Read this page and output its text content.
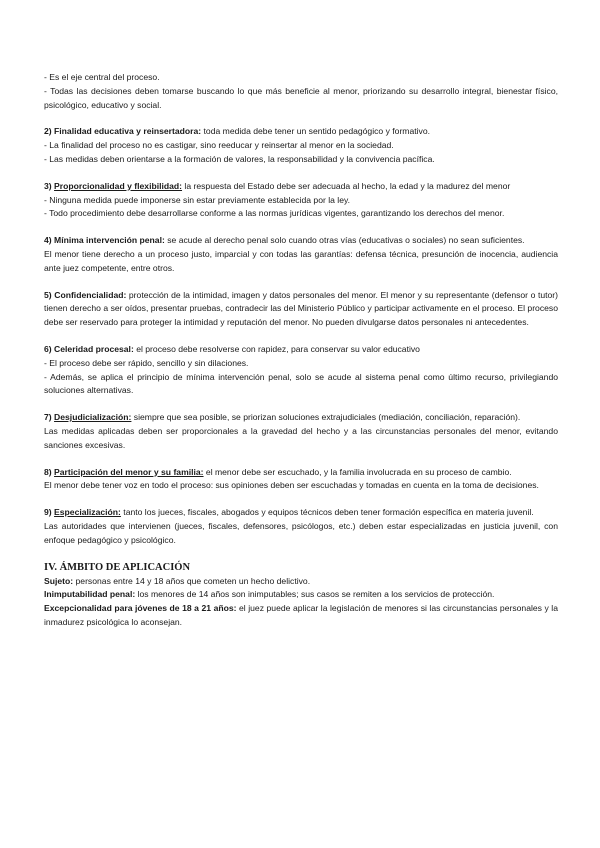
- Es el eje central del proceso.

- Todas las decisiones deben tomarse buscando lo que más beneficie al menor, priorizando su desarrollo integral, bienestar físico, psicológico, educativo y social.

2) Finalidad educativa y reinsertadora: toda medida debe tener un sentido pedagógico y formativo.

- La finalidad del proceso no es castigar, sino reeducar y reinsertar al menor en la sociedad.

- Las medidas deben orientarse a la formación de valores, la responsabilidad y la convivencia pacífica.

3) Proporcionalidad y flexibilidad: la respuesta del Estado debe ser adecuada al hecho, la edad y la madurez del menor

- Ninguna medida puede imponerse sin estar previamente establecida por la ley.

- Todo procedimiento debe desarrollarse conforme a las normas jurídicas vigentes, garantizando los derechos del menor.

4) Mínima intervención penal: se acude al derecho penal solo cuando otras vías (educativas o sociales) no sean suficientes.

El menor tiene derecho a un proceso justo, imparcial y con todas las garantías: defensa técnica, presunción de inocencia, audiencia ante juez competente, entre otros.

5) Confidencialidad: protección de la intimidad, imagen y datos personales del menor. El menor y su representante (defensor o tutor) tienen derecho a ser oídos, presentar pruebas, contradecir las del Ministerio Público y participar activamente en el proceso. El proceso debe ser reservado para proteger la intimidad y reputación del menor. No pueden divulgarse datos personales ni antecedentes.

6) Celeridad procesal: el proceso debe resolverse con rapidez, para conservar su valor educativo

- El proceso debe ser rápido, sencillo y sin dilaciones.

- Además, se aplica el principio de mínima intervención penal, solo se acude al sistema penal como último recurso, privilegiando soluciones alternativas.

7) Desjudicialización: siempre que sea posible, se priorizan soluciones extrajudiciales (mediación, conciliación, reparación).

Las medidas aplicadas deben ser proporcionales a la gravedad del hecho y a las circunstancias personales del menor, evitando sanciones excesivas.

8) Participación del menor y su familia: el menor debe ser escuchado, y la familia involucrada en su proceso de cambio.

El menor debe tener voz en todo el proceso: sus opiniones deben ser escuchadas y tomadas en cuenta en la toma de decisiones.

9) Especialización: tanto los jueces, fiscales, abogados y equipos técnicos deben tener formación específica en materia juvenil.

Las autoridades que intervienen (jueces, fiscales, defensores, psicólogos, etc.) deben estar especializadas en justicia juvenil, con enfoque pedagógico y psicológico.

IV. ÁMBITO DE APLICACIÓN

Sujeto: personas entre 14 y 18 años que cometen un hecho delictivo.

Inimputabilidad penal: los menores de 14 años son inimputables; sus casos se remiten a los servicios de protección.

Excepcionalidad para jóvenes de 18 a 21 años: el juez puede aplicar la legislación de menores si las circunstancias personales y la inmadurez psicológica lo aconsejan.
